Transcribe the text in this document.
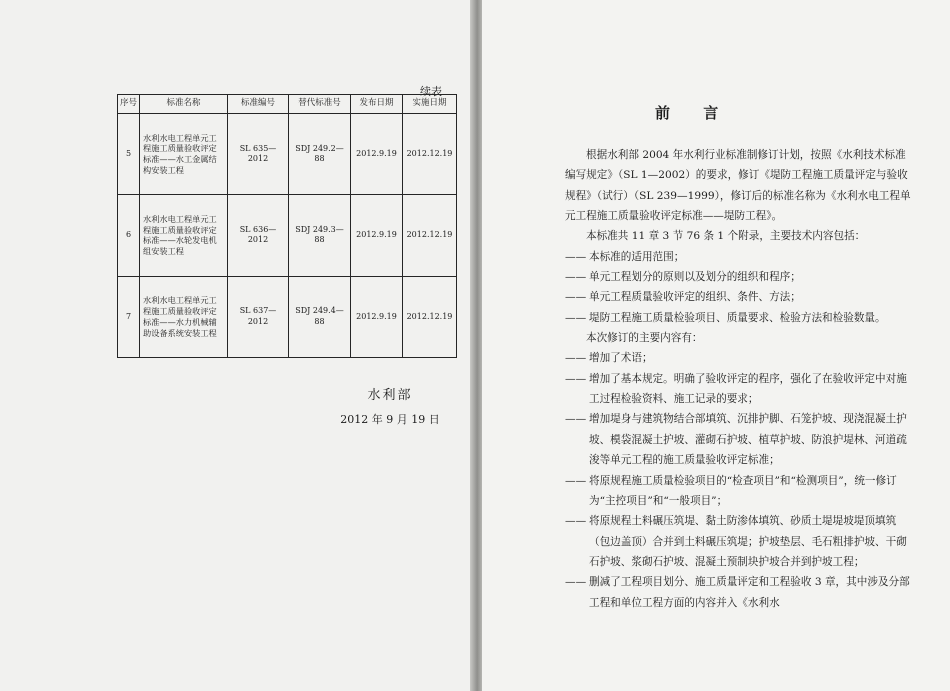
续表
序号	标准名称	标准编号	替代标准号	发布日期	实施日期
5	水利水电工程单元工程施工质量验收评定标准——水工金属结构安装工程	SL 635—2012	SDJ 249.2—88	2012.9.19	2012.12.19
6	水利水电工程单元工程施工质量验收评定标准——水轮发电机组安装工程	SL 636—2012	SDJ 249.3—88	2012.9.19	2012.12.19
7	水利水电工程单元工程施工质量验收评定标准——水力机械辅助设备系统安装工程	SL 637—2012	SDJ 249.4—88	2012.9.19	2012.12.19
水利部
2012 年 9 月 19 日
前 言

根据水利部 2004 年水利行业标准制修订计划，按照《水利技术标准编写规定》（SL 1—2002）的要求，修订《堤防工程施工质量评定与验收规程》（试行）（SL 239—1999），修订后的标准名称为《水利水电工程单元工程施工质量验收评定标准——堤防工程》。

本标准共 11 章 3 节 76 条 1 个附录，主要技术内容包括：

—— 本标准的适用范围；

—— 单元工程划分的原则以及划分的组织和程序；

—— 单元工程质量验收评定的组织、条件、方法；

—— 堤防工程施工质量检验项目、质量要求、检验方法和检验数量。

本次修订的主要内容有：

—— 增加了术语；

—— 增加了基本规定。明确了验收评定的程序，强化了在验收评定中对施工过程检验资料、施工记录的要求；

—— 增加堤身与建筑物结合部填筑、沉排护脚、石笼护坡、现浇混凝土护坡、模袋混凝土护坡、灌砌石护坡、植草护坡、防浪护堤林、河道疏浚等单元工程的施工质量验收评定标准；

—— 将原规程施工质量检验项目的“检查项目”和“检测项目”，统一修订为“主控项目”和“一般项目”；

—— 将原规程土料碾压筑堤、黏土防渗体填筑、砂质土堤堤坡堤顶填筑（包边盖顶）合并到土料碾压筑堤；护坡垫层、毛石粗排护坡、干砌石护坡、浆砌石护坡、混凝土预制块护坡合并到护坡工程；

—— 删减了工程项目划分、施工质量评定和工程验收 3 章，其中涉及分部工程和单位工程方面的内容并入《水利水
